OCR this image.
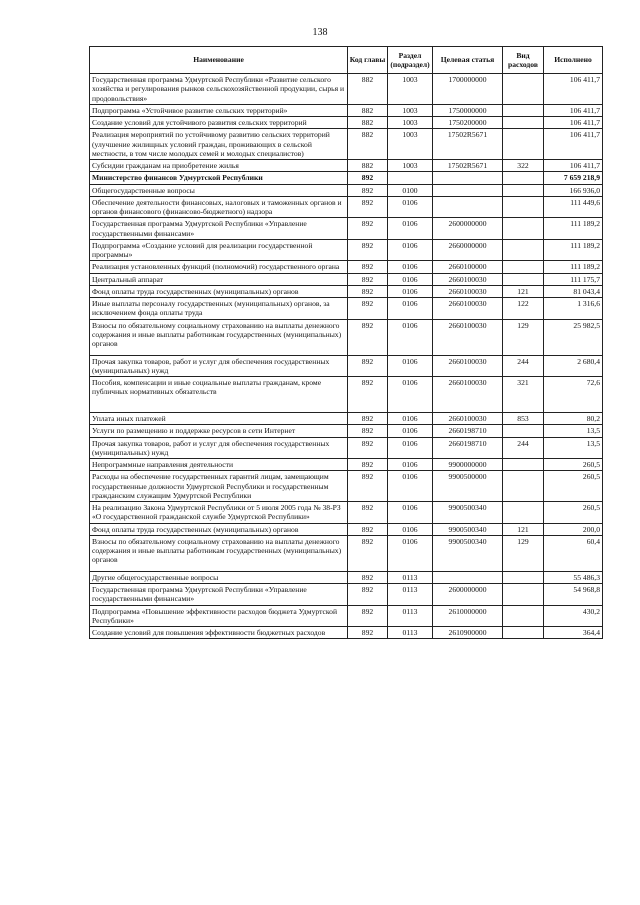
138
Наименование	Код главы	Раздел (подраздел)	Целевая статья	Вид расходов	Исполнено
Государственная программа Удмуртской Республики «Развитие сельского хозяйства и регулирования рынков сельскохозяйственной продукции, сырья и продовольствия»	882	1003	1700000000		106 411,7
Подпрограмма «Устойчивое развитие сельских территорий»	882	1003	1750000000		106 411,7
Создание условий для устойчивого развития сельских территорий	882	1003	1750200000		106 411,7
Реализация мероприятий по устойчивому развитию сельских территорий (улучшение жилищных условий граждан, проживающих в сельской местности, в том числе молодых семей и молодых специалистов)	882	1003	17502R5671		106 411,7
Субсидии гражданам на приобретение жилья	882	1003	17502R5671	322	106 411,7
Министерство финансов Удмуртской Республики	892				7 659 218,9
Общегосударственные вопросы	892	0100			166 936,0
Обеспечение деятельности финансовых, налоговых и таможенных органов и органов финансового (финансово-бюджетного) надзора	892	0106			111 449,6
Государственная программа Удмуртской Республики «Управление государственными финансами»	892	0106	2600000000		111 189,2
Подпрограмма «Создание условий для реализации государственной программы»	892	0106	2660000000		111 189,2
Реализация установленных функций (полномочий) государственного органа	892	0106	2660100000		111 189,2
Центральный аппарат	892	0106	2660100030		111 175,7
Фонд оплаты труда государственных (муниципальных) органов	892	0106	2660100030	121	81 043,4
Иные выплаты персоналу государственных (муниципальных) органов, за исключением фонда оплаты труда	892	0106	2660100030	122	1 316,6
Взносы по обязательному социальному страхованию на выплаты денежного содержания и иные выплаты работникам государственных (муниципальных) органов	892	0106	2660100030	129	25 982,5
Прочая закупка товаров, работ и услуг для обеспечения государственных (муниципальных) нужд	892	0106	2660100030	244	2 680,4
Пособия, компенсации и иные социальные выплаты гражданам, кроме публичных нормативных обязательств	892	0106	2660100030	321	72,6
Уплата иных платежей	892	0106	2660100030	853	80,2
Услуги по размещению и поддержке ресурсов в сети Интернет	892	0106	2660198710		13,5
Прочая закупка товаров, работ и услуг для обеспечения государственных (муниципальных) нужд	892	0106	2660198710	244	13,5
Непрограммные направления деятельности	892	0106	9900000000		260,5
Расходы на обеспечение государственных гарантий лицам, замещающим государственные должности Удмуртской Республики и государственным гражданским служащим Удмуртской Республики	892	0106	9900500000		260,5
На реализацию Закона Удмуртской Республики от 5 июля 2005 года № 38-РЗ «О государственной гражданской службе Удмуртской Республики»	892	0106	9900500340		260,5
Фонд оплаты труда государственных (муниципальных) органов	892	0106	9900500340	121	200,0
Взносы по обязательному социальному страхованию на выплаты денежного содержания и иные выплаты работникам государственных (муниципальных) органов	892	0106	9900500340	129	60,4
Другие общегосударственные вопросы	892	0113			55 486,3
Государственная программа Удмуртской Республики «Управление государственными финансами»	892	0113	2600000000		54 968,8
Подпрограмма «Повышение эффективности расходов бюджета Удмуртской Республики»	892	0113	2610000000		430,2
Создание условий для повышения эффективности бюджетных расходов	892	0113	2610900000		364,4
